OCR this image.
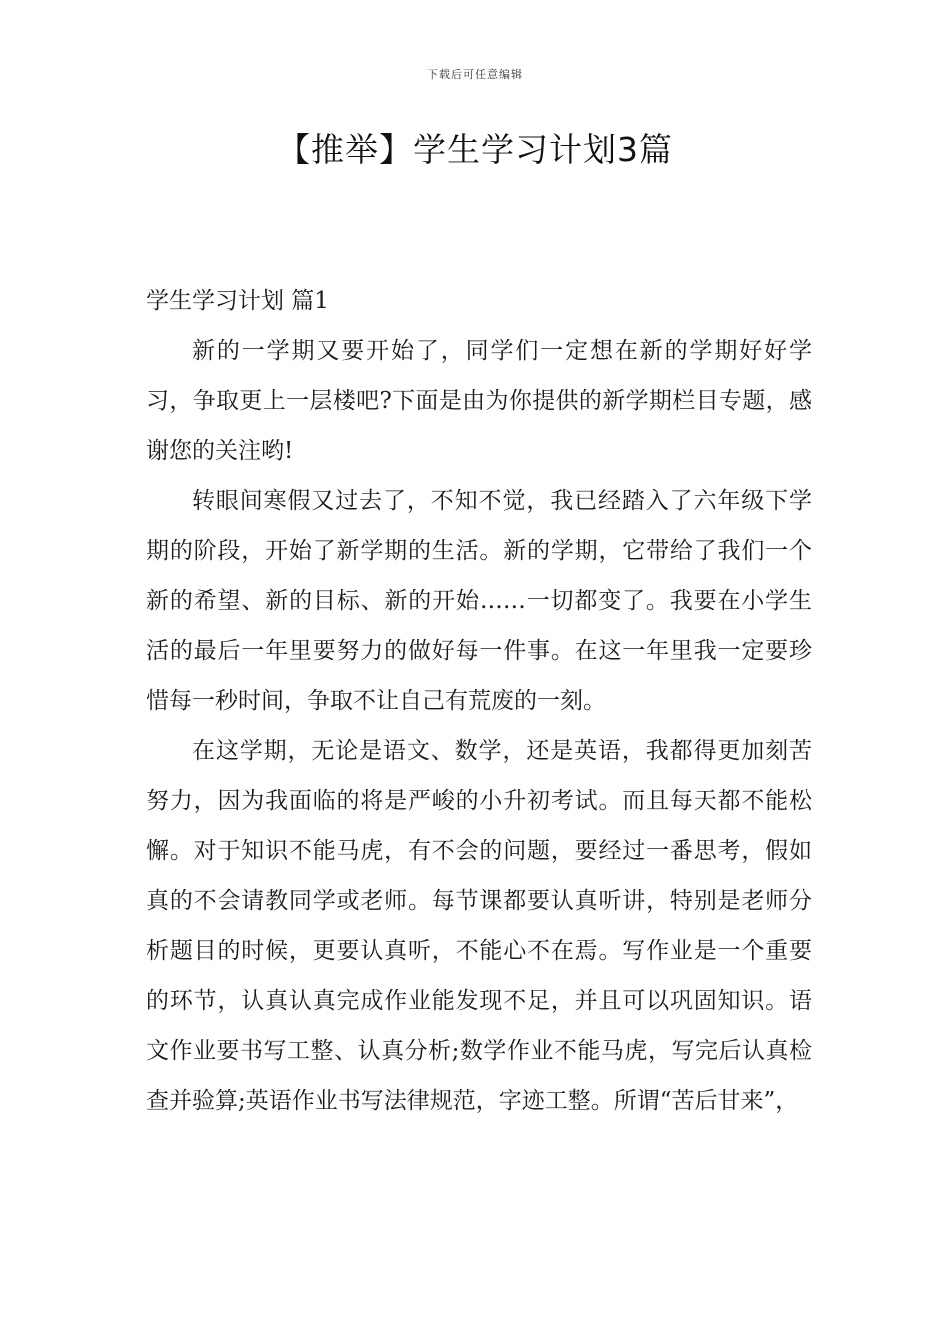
下载后可任意编辑
【推举】学生学习计划3篇

学生学习计划 篇1

新的一学期又要开始了，同学们一定想在新的学期好好学习，争取更上一层楼吧?下面是由为你提供的新学期栏目专题，感谢您的关注哟!

转眼间寒假又过去了，不知不觉，我已经踏入了六年级下学期的阶段，开始了新学期的生活。新的学期，它带给了我们一个新的希望、新的目标、新的开始……一切都变了。我要在小学生活的最后一年里要努力的做好每一件事。在这一年里我一定要珍惜每一秒时间，争取不让自己有荒废的一刻。

在这学期，无论是语文、数学，还是英语，我都得更加刻苦努力，因为我面临的将是严峻的小升初考试。而且每天都不能松懈。对于知识不能马虎，有不会的问题，要经过一番思考，假如真的不会请教同学或老师。每节课都要认真听讲，特别是老师分析题目的时候，更要认真听，不能心不在焉。写作业是一个重要的环节，认真认真完成作业能发现不足，并且可以巩固知识。语文作业要书写工整、认真分析;数学作业不能马虎，写完后认真检查并验算;英语作业书写法律规范，字迹工整。所谓“苦后甘来”，
